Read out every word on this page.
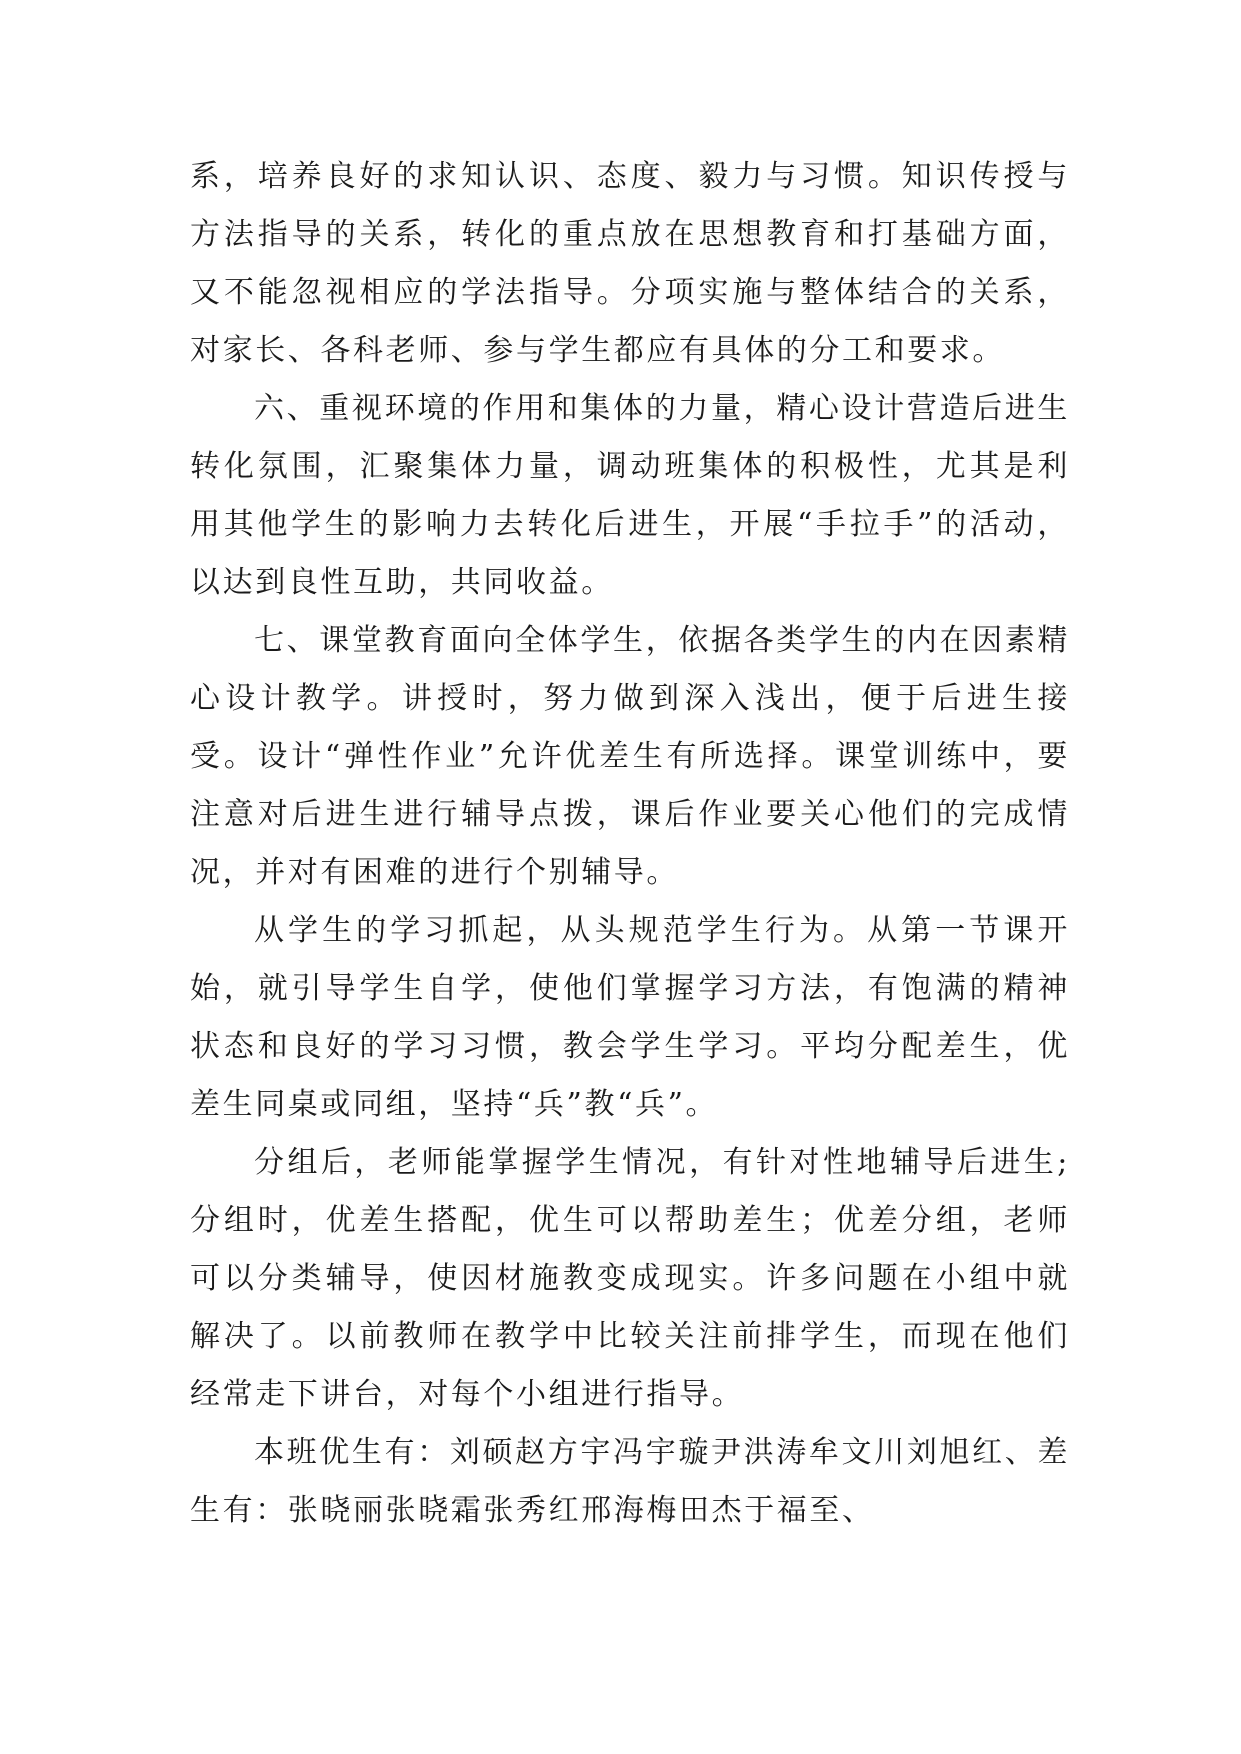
系，培养良好的求知认识、态度、毅力与习惯。知识传授与方法指导的关系，转化的重点放在思想教育和打基础方面，又不能忽视相应的学法指导。分项实施与整体结合的关系，对家长、各科老师、参与学生都应有具体的分工和要求。

六、重视环境的作用和集体的力量，精心设计营造后进生转化氛围，汇聚集体力量，调动班集体的积极性，尤其是利用其他学生的影响力去转化后进生，开展“手拉手”的活动，以达到良性互助，共同收益。

七、课堂教育面向全体学生，依据各类学生的内在因素精心设计教学。讲授时，努力做到深入浅出，便于后进生接受。设计“弹性作业”允许优差生有所选择。课堂训练中，要注意对后进生进行辅导点拨，课后作业要关心他们的完成情况，并对有困难的进行个别辅导。

从学生的学习抓起，从头规范学生行为。从第一节课开始，就引导学生自学，使他们掌握学习方法，有饱满的精神状态和良好的学习习惯，教会学生学习。平均分配差生，优差生同桌或同组，坚持“兵”教“兵”。

分组后，老师能掌握学生情况，有针对性地辅导后进生;分组时，优差生搭配，优生可以帮助差生；优差分组，老师可以分类辅导，使因材施教变成现实。许多问题在小组中就解决了。以前教师在教学中比较关注前排学生，而现在他们经常走下讲台，对每个小组进行指导。

本班优生有：刘硕赵方宇冯宇璇尹洪涛牟文川刘旭红、差生有：张晓丽张晓霜张秀红邢海梅田杰于福至、
